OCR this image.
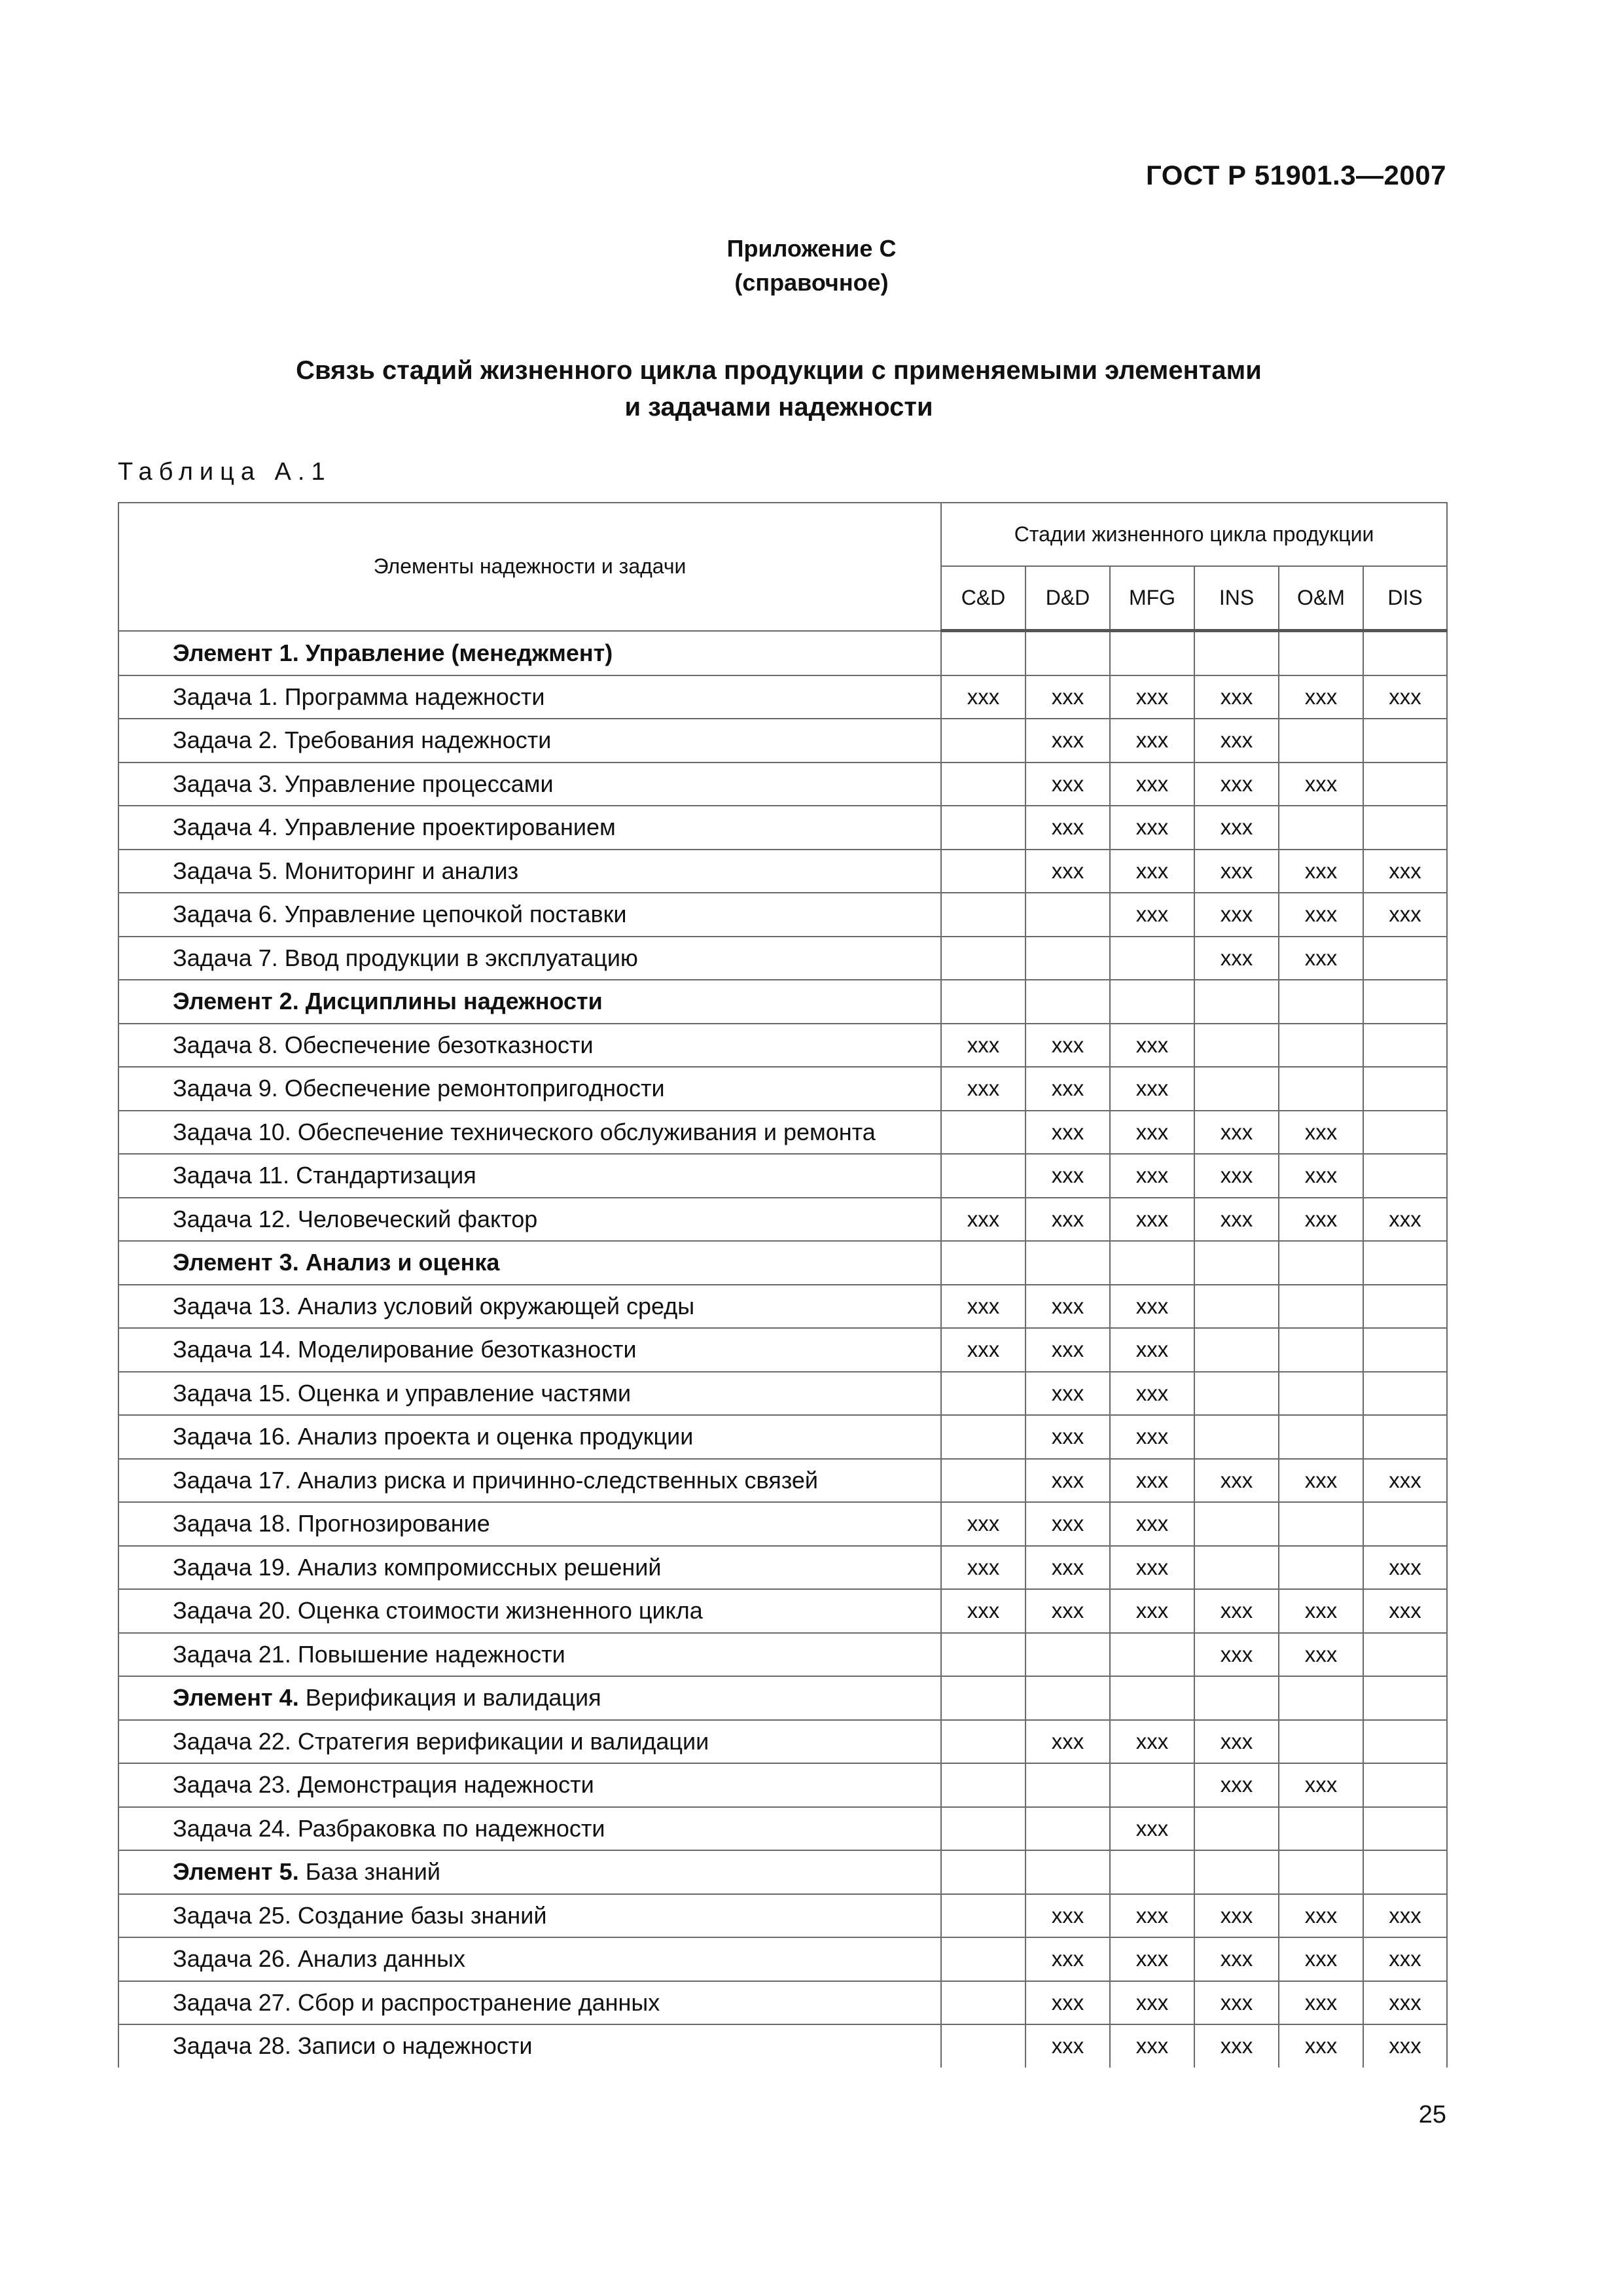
ГОСТ Р 51901.3—2007
Приложение С
(справочное)
Связь стадий жизненного цикла продукции с применяемыми элементами
и задачами надежности
Таблица А.1
Элементы надежности и задачи	Стадии жизненного цикла продукции					
	C&D	D&D	MFG	INS	O&M	DIS
Элемент 1. Управление (менеджмент)						
Задача 1. Программа надежности	xxx	xxx	xxx	xxx	xxx	xxx
Задача 2. Требования надежности		xxx	xxx	xxx		
Задача 3. Управление процессами		xxx	xxx	xxx	xxx	
Задача 4. Управление проектированием		xxx	xxx	xxx		
Задача 5. Мониторинг и анализ		xxx	xxx	xxx	xxx	xxx
Задача 6. Управление цепочкой поставки			xxx	xxx	xxx	xxx
Задача 7. Ввод продукции в эксплуатацию				xxx	xxx	
Элемент 2. Дисциплины надежности						
Задача 8. Обеспечение безотказности	xxx	xxx	xxx			
Задача 9. Обеспечение ремонтопригодности	xxx	xxx	xxx			
Задача 10. Обеспечение технического обслуживания и ремонта		xxx	xxx	xxx	xxx	
Задача 11. Стандартизация		xxx	xxx	xxx	xxx	
Задача 12. Человеческий фактор	xxx	xxx	xxx	xxx	xxx	xxx
Элемент 3. Анализ и оценка						
Задача 13. Анализ условий окружающей среды	xxx	xxx	xxx			
Задача 14. Моделирование безотказности	xxx	xxx	xxx			
Задача 15. Оценка и управление частями		xxx	xxx			
Задача 16. Анализ проекта и оценка продукции		xxx	xxx			
Задача 17. Анализ риска и причинно-следственных связей		xxx	xxx	xxx	xxx	xxx
Задача 18. Прогнозирование	xxx	xxx	xxx			
Задача 19. Анализ компромиссных решений	xxx	xxx	xxx			xxx
Задача 20. Оценка стоимости жизненного цикла	xxx	xxx	xxx	xxx	xxx	xxx
Задача 21. Повышение надежности				xxx	xxx	
Элемент 4. Верификация и валидация						
Задача 22. Стратегия верификации и валидации		xxx	xxx	xxx		
Задача 23. Демонстрация надежности				xxx	xxx	
Задача 24. Разбраковка по надежности			xxx			
Элемент 5. База знаний						
Задача 25. Создание базы знаний		xxx	xxx	xxx	xxx	xxx
Задача 26. Анализ данных		xxx	xxx	xxx	xxx	xxx
Задача 27. Сбор и распространение данных		xxx	xxx	xxx	xxx	xxx
Задача 28. Записи о надежности		xxx	xxx	xxx	xxx	xxx
25
